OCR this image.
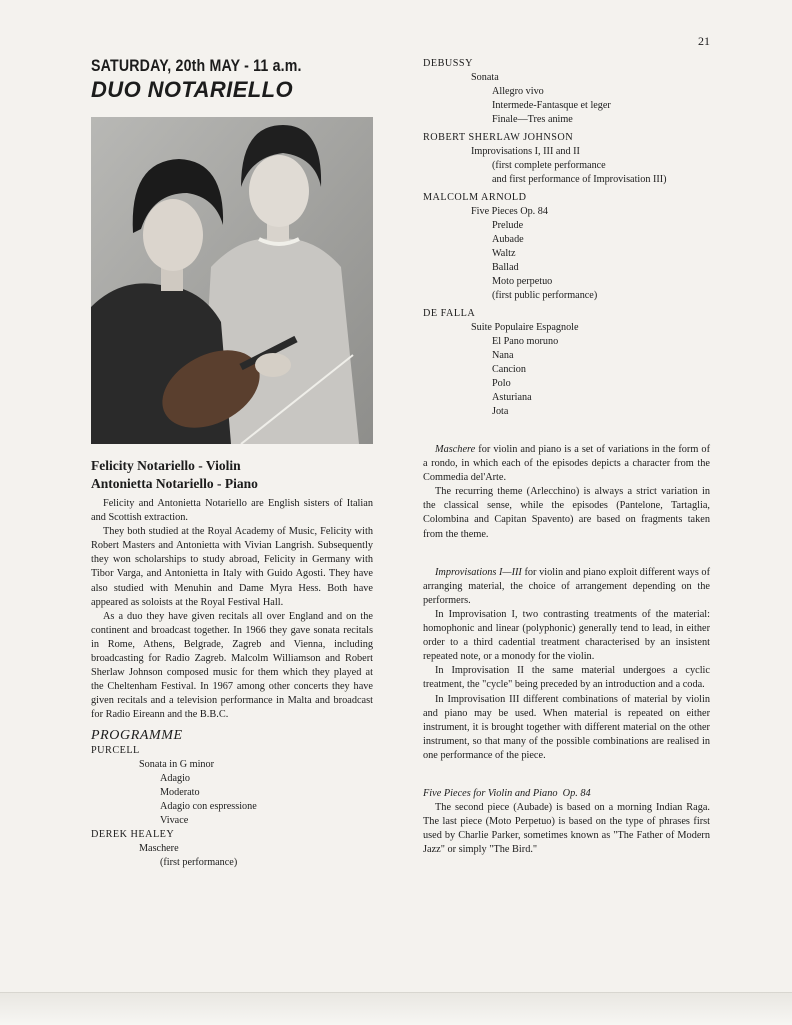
21
SATURDAY, 20th MAY - 11 a.m.
DUO NOTARIELLO
Felicity Notariello - Violin
Antonietta Notariello - Piano

Felicity and Antonietta Notariello are English sisters of Italian and Scottish extraction.

They both studied at the Royal Academy of Music, Felicity with Robert Masters and Antonietta with Vivian Langrish. Subsequently they won scholarships to study abroad, Felicity in Germany with Tibor Varga, and Antonietta in Italy with Guido Agosti. They have also studied with Menuhin and Dame Myra Hess. Both have appeared as soloists at the Royal Festival Hall.

As a duo they have given recitals all over England and on the continent and broadcast together. In 1966 they gave sonata recitals in Rome, Athens, Belgrade, Zagreb and Vienna, including broadcasting for Radio Zagreb. Malcolm Williamson and Robert Sherlaw Johnson composed music for them which they played at the Cheltenham Festival. In 1967 among other concerts they have given recitals and a television performance in Malta and broadcast for Radio Eireann and the B.B.C.

PROGRAMME
PURCELL
Sonata in G minor
Adagio
Moderato
Adagio con espressione
Vivace
DEREK HEALEY
Maschere
(first performance)
DEBUSSY
Sonata
Allegro vivo
Intermede-Fantasque et leger
Finale—Tres anime
ROBERT SHERLAW JOHNSON
Improvisations I, III and II
(first complete performance
and first performance of Improvisation III)
MALCOLM ARNOLD
Five Pieces Op. 84
Prelude
Aubade
Waltz
Ballad
Moto perpetuo
(first public performance)
DE FALLA
Suite Populaire Espagnole
El Pano moruno
Nana
Cancion
Polo
Asturiana
Jota

Maschere for violin and piano is a set of variations in the form of a rondo, in which each of the episodes depicts a character from the Commedia del'Arte.

The recurring theme (Arlecchino) is always a strict variation in the classical sense, while the episodes (Pantelone, Tartaglia, Colombina and Capitan Spavento) are based on fragments taken from the theme.

Improvisations I—III for violin and piano exploit different ways of arranging material, the choice of arrangement depending on the performers.

In Improvisation I, two contrasting treatments of the material: homophonic and linear (polyphonic) generally tend to lead, in either order to a third cadential treatment characterised by an insistent repeated note, or a monody for the violin.

In Improvisation II the same material undergoes a cyclic treatment, the "cycle" being preceded by an introduction and a coda.

In Improvisation III different combinations of material by violin and piano may be used. When material is repeated on either instrument, it is brought together with different material on the other instrument, so that many of the possible combinations are realised in one performance of the piece.

Five Pieces for Violin and Piano Op. 84

The second piece (Aubade) is based on a morning Indian Raga. The last piece (Moto Perpetuo) is based on the type of phrases first used by Charlie Parker, sometimes known as "The Father of Modern Jazz" or simply "The Bird."
